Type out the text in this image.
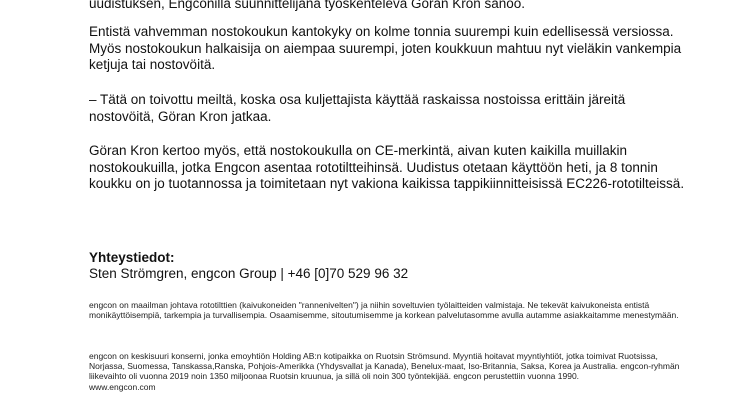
uudistuksen, Engconilla suunnittelijana työskentelevä Göran Kron sanoo.

Entistä vahvemman nostokoukun kantokyky on kolme tonnia suurempi kuin edellisessä versiossa. Myös nostokoukun halkaisija on aiempaa suurempi, joten koukkuun mahtuu nyt vieläkin vankempia ketjuja tai nostovöitä.

– Tätä on toivottu meiltä, koska osa kuljettajista käyttää raskaissa nostoissa erittäin järeitä nostovöitä, Göran Kron jatkaa.

Göran Kron kertoo myös, että nostokoukulla on CE-merkintä, aivan kuten kaikilla muillakin nostokoukuilla, jotka Engcon asentaa rototiltteihinsä. Uudistus otetaan käyttöön heti, ja 8 tonnin koukku on jo tuotannossa ja toimitetaan nyt vakiona kaikissa tappikiinnitteisissä EC226-rototilteissä.

Yhteystiedot:

Sten Strömgren, engcon Group | +46 [0]70 529 96 32

engcon on maailman johtava rototilttien (kaivukoneiden "rannenivelten") ja niihin soveltuvien työlaitteiden valmistaja. Ne tekevät kaivukoneista entistä monikäyttöisempiä, tarkempia ja turvallisempia. Osaamisemme, sitoutumisemme ja korkean palvelutasomme avulla autamme asiakkaitamme menestymään.

engcon on keskisuuri konserni, jonka emoyhtiön Holding AB:n kotipaikka on Ruotsin Strömsund. Myyntiä hoitavat myyntiyhtiöt, jotka toimivat Ruotsissa, Norjassa, Suomessa, Tanskassa,Ranska, Pohjois-Amerikka (Yhdysvallat ja Kanada), Benelux-maat, Iso-Britannia, Saksa, Korea ja Australia. engcon-ryhmän liikevaihto oli vuonna 2019 noin 1350 miljoonaa Ruotsin kruunua, ja sillä oli noin 300 työntekijää. engcon perustettiin vuonna 1990.

www.engcon.com
